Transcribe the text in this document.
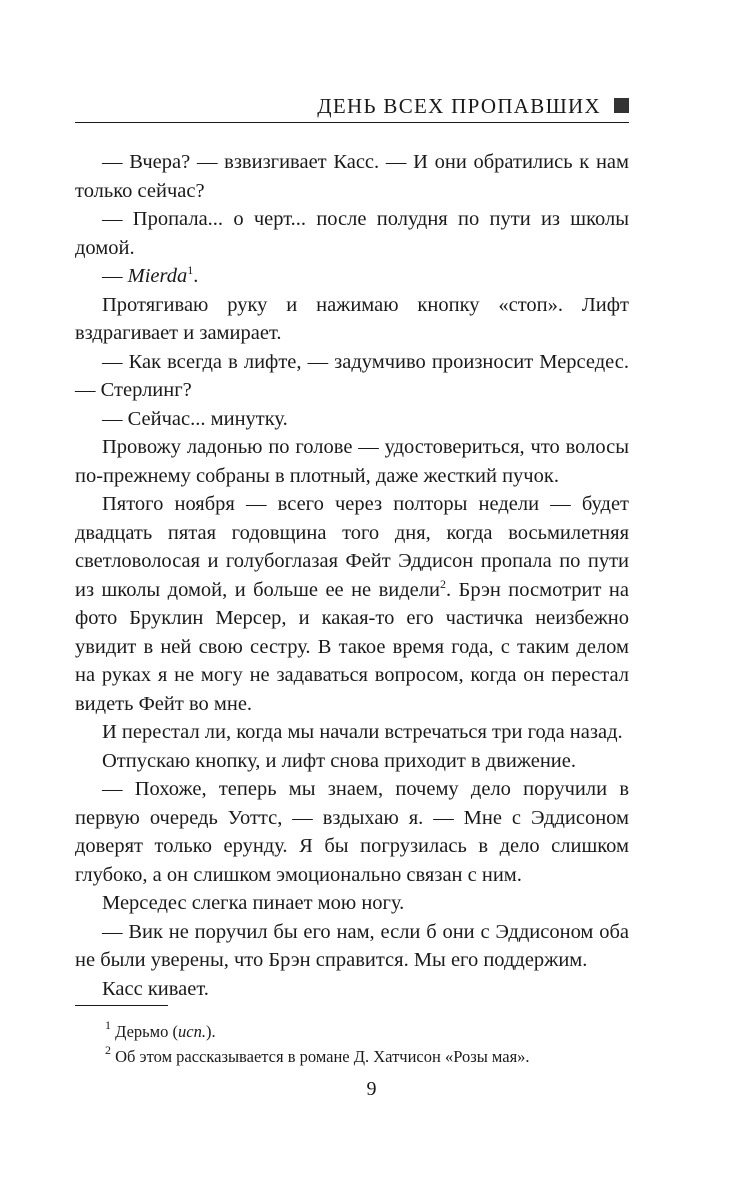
ДЕНЬ ВСЕХ ПРОПАВШИХ

— Вчера? — взвизгивает Касс. — И они обратились к нам только сейчас?

— Пропала... о черт... после полудня по пути из школы домой.

— Mierda$^1$.

Протягиваю руку и нажимаю кнопку «стоп». Лифт вздрагивает и замирает.

— Как всегда в лифте, — задумчиво произносит Мерседес. — Стерлинг?

— Сейчас... минутку.

Провожу ладонью по голове — удостовериться, что волосы по-прежнему собраны в плотный, даже жесткий пучок.

Пятого ноября — всего через полторы недели — будет двадцать пятая годовщина того дня, когда восьмилетняя светловолосая и голубоглазая Фейт Эддисон пропала по пути из школы домой, и больше ее не видели$^2$. Брэн посмотрит на фото Бруклин Мерсер, и какая-то его частичка неизбежно увидит в ней свою сестру. В такое время года, с таким делом на руках я не могу не задаваться вопросом, когда он перестал видеть Фейт во мне.

И перестал ли, когда мы начали встречаться три года назад.

Отпускаю кнопку, и лифт снова приходит в движение.

— Похоже, теперь мы знаем, почему дело поручили в первую очередь Уоттс, — вздыхаю я. — Мне с Эддисоном доверят только ерунду. Я бы погрузилась в дело слишком глубоко, а он слишком эмоционально связан с ним.

Мерседес слегка пинает мою ногу.

— Вик не поручил бы его нам, если б они с Эддисоном оба не были уверены, что Брэн справится. Мы его поддержим.

Касс кивает.

$^1$ Дерьмо (исп.).

$^2$ Об этом рассказывается в романе Д. Хатчисон «Розы мая».

9
